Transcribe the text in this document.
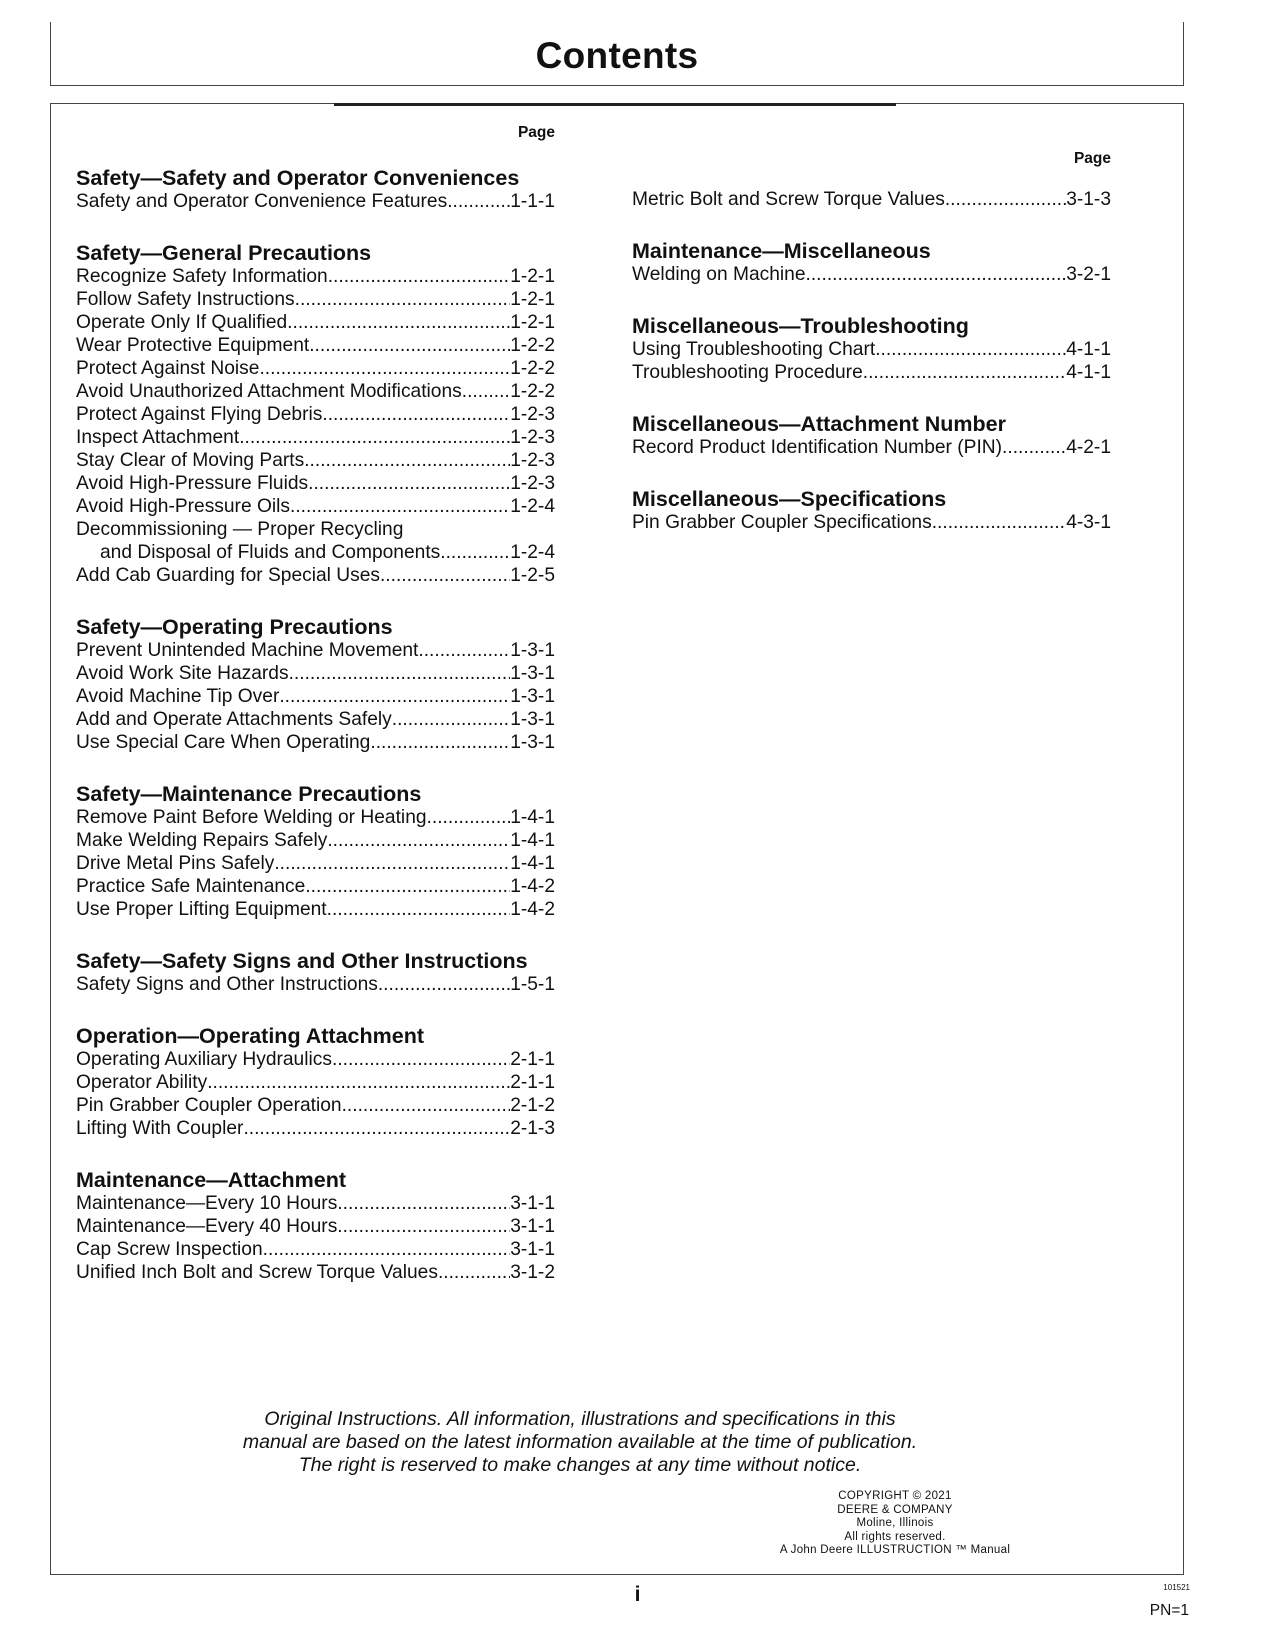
Contents
Page
Safety—Safety and Operator Conveniences
Safety and Operator Convenience Features .....	1-1-1
Safety—General Precautions
Recognize Safety Information .....	1-2-1
Follow Safety Instructions .....	1-2-1
Operate Only If Qualified .....	1-2-1
Wear Protective Equipment .....	1-2-2
Protect Against Noise .....	1-2-2
Avoid Unauthorized Attachment Modifications .....	1-2-2
Protect Against Flying Debris .....	1-2-3
Inspect Attachment .....	1-2-3
Stay Clear of Moving Parts .....	1-2-3
Avoid High-Pressure Fluids .....	1-2-3
Avoid High-Pressure Oils .....	1-2-4
Decommissioning — Proper Recycling
and Disposal of Fluids and Components .....	1-2-4
Add Cab Guarding for Special Uses .....	1-2-5
Safety—Operating Precautions
Prevent Unintended Machine Movement .....	1-3-1
Avoid Work Site Hazards .....	1-3-1
Avoid Machine Tip Over .....	1-3-1
Add and Operate Attachments Safely .....	1-3-1
Use Special Care When Operating .....	1-3-1
Safety—Maintenance Precautions
Remove Paint Before Welding or Heating .....	1-4-1
Make Welding Repairs Safely .....	1-4-1
Drive Metal Pins Safely .....	1-4-1
Practice Safe Maintenance .....	1-4-2
Use Proper Lifting Equipment .....	1-4-2
Safety—Safety Signs and Other Instructions
Safety Signs and Other Instructions .....	1-5-1
Operation—Operating Attachment
Operating Auxiliary Hydraulics .....	2-1-1
Operator Ability .....	2-1-1
Pin Grabber Coupler Operation .....	2-1-2
Lifting With Coupler .....	2-1-3
Maintenance—Attachment
Maintenance—Every 10 Hours .....	3-1-1
Maintenance—Every 40 Hours .....	3-1-1
Cap Screw Inspection .....	3-1-1
Unified Inch Bolt and Screw Torque Values .....	3-1-2
Page
Metric Bolt and Screw Torque Values .....	3-1-3
Maintenance—Miscellaneous
Welding on Machine .....	3-2-1
Miscellaneous—Troubleshooting
Using Troubleshooting Chart .....	4-1-1
Troubleshooting Procedure .....	4-1-1
Miscellaneous—Attachment Number
Record Product Identification Number (PIN) .....	4-2-1
Miscellaneous—Specifications
Pin Grabber Coupler Specifications .....	4-3-1
Original Instructions. All information, illustrations and specifications in this
manual are based on the latest information available at the time of publication.
The right is reserved to make changes at any time without notice.
COPYRIGHT © 2021
DEERE & COMPANY
Moline, Illinois
All rights reserved.
A John Deere ILLUSTRUCTION ™ Manual
i	101521
PN=1
